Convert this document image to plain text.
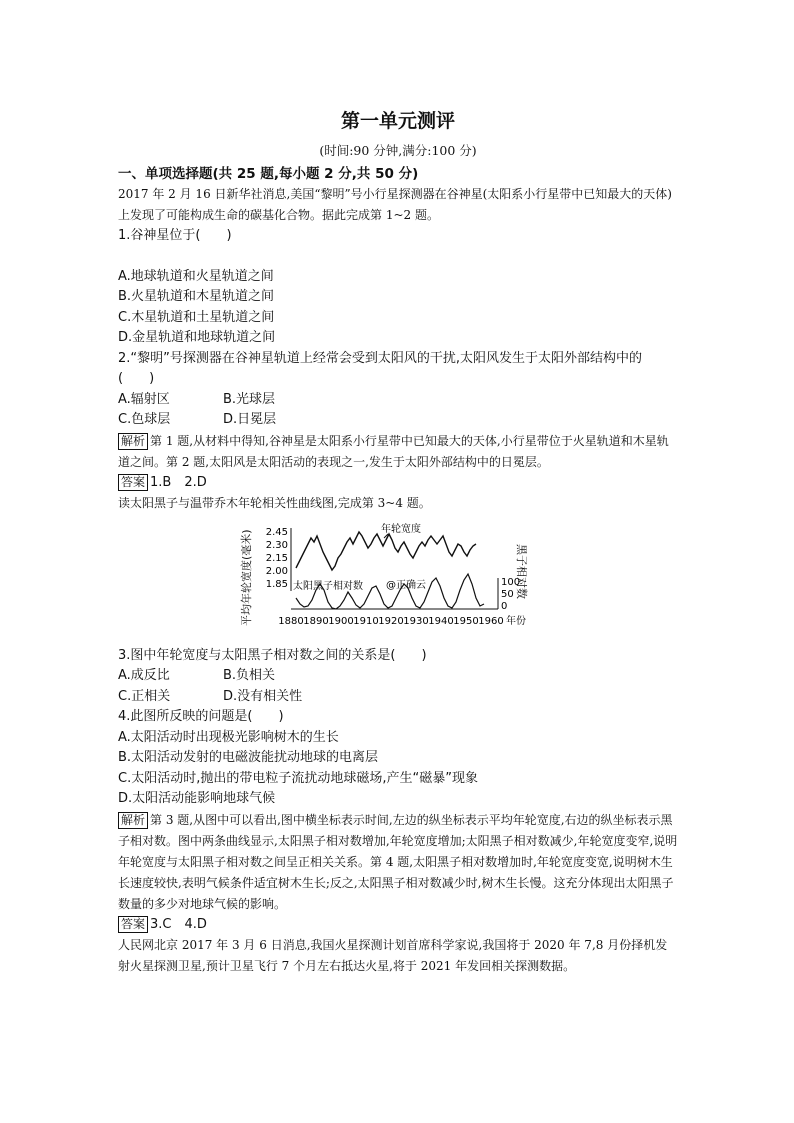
第一单元测评
(时间:90 分钟,满分:100 分)
一、单项选择题(共 25 题,每小题 2 分,共 50 分)

2017 年 2 月 16 日新华社消息,美国“黎明”号小行星探测器在谷神星(太阳系小行星带中已知最大的天体)上发现了可能构成生命的碳基化合物。据此完成第 1~2 题。

1.谷神星位于(　　)

A.地球轨道和火星轨道之间

B.火星轨道和木星轨道之间

C.木星轨道和土星轨道之间

D.金星轨道和地球轨道之间

2.“黎明”号探测器在谷神星轨道上经常会受到太阳风的干扰,太阳风发生于太阳外部结构中的(　　)

A.辐射区	B.光球层
C.色球层	D.日冕层

解析 第 1 题,从材料中得知,谷神星是太阳系小行星带中已知最大的天体,小行星带位于火星轨道和木星轨道之间。第 2 题,太阳风是太阳活动的表现之一,发生于太阳外部结构中的日冕层。

答案 1.B　2.D

读太阳黑子与温带乔木年轮相关性曲线图,完成第 3~4 题。

平均年轮宽度(毫米)	黑子相对数
2.45
2.30
2.15
2.00
1.85	100
50
0
年轮宽度
太阳黑子相对数 @正确云
1880 1890 1900 1910 1920 1930 1940 1950 1960 年份

3.图中年轮宽度与太阳黑子相对数之间的关系是(　　)

A.成反比	B.负相关
C.正相关	D.没有相关性

4.此图所反映的问题是(　　)

A.太阳活动时出现极光影响树木的生长

B.太阳活动发射的电磁波能扰动地球的电离层

C.太阳活动时,抛出的带电粒子流扰动地球磁场,产生“磁暴”现象

D.太阳活动能影响地球气候

解析 第 3 题,从图中可以看出,图中横坐标表示时间,左边的纵坐标表示平均年轮宽度,右边的纵坐标表示黑子相对数。图中两条曲线显示,太阳黑子相对数增加,年轮宽度增加;太阳黑子相对数减少,年轮宽度变窄,说明年轮宽度与太阳黑子相对数之间呈正相关关系。第 4 题,太阳黑子相对数增加时,年轮宽度变宽,说明树木生长速度较快,表明气候条件适宜树木生长;反之,太阳黑子相对数减少时,树木生长慢。这充分体现出太阳黑子数量的多少对地球气候的影响。

答案 3.C　4.D

人民网北京 2017 年 3 月 6 日消息,我国火星探测计划首席科学家说,我国将于 2020 年 7,8 月份择机发射火星探测卫星,预计卫星飞行 7 个月左右抵达火星,将于 2021 年发回相关探测数据。
